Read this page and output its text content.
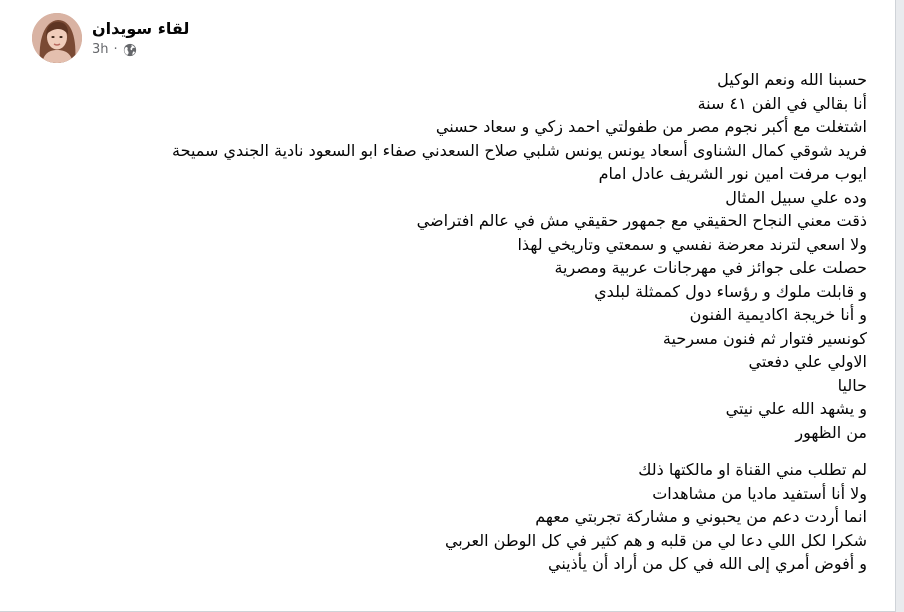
لقاء سويدان
3h ·
حسبنا الله ونعم الوكيل
أنا بقالي في الفن ٤١ سنة
اشتغلت مع أكبر نجوم مصر من طفولتي احمد زكي و سعاد حسني
فريد شوقي كمال الشناوى أسعاد يونس يونس شلبي صلاح السعدني صفاء ابو السعود نادية الجندي سميحة
ايوب مرفت امين نور الشريف عادل امام
وده علي سبيل المثال
ذقت معني النجاح الحقيقي مع جمهور حقيقي مش في عالم افتراضي
ولا اسعي لترند معرضة نفسي و سمعتي وتاريخي لهذا
حصلت على جوائز في مهرجانات عربية ومصرية
و قابلت ملوك و رؤساء دول كممثلة لبلدي
و أنا خريجة اكاديمية الفنون
كونسير فتوار ثم فنون مسرحية
الاولي علي دفعتي
حاليا
و يشهد الله علي نيتي
من الظهور
لم تطلب مني القناة او مالكتها ذلك
ولا أنا أستفيد ماديا من مشاهدات
انما أردت دعم من يحبوني و مشاركة تجربتي معهم
شكرا لكل اللي دعا لي من قلبه و هم كثير في كل الوطن العربي
و أفوض أمري إلى الله في كل من أراد أن يأذيني
